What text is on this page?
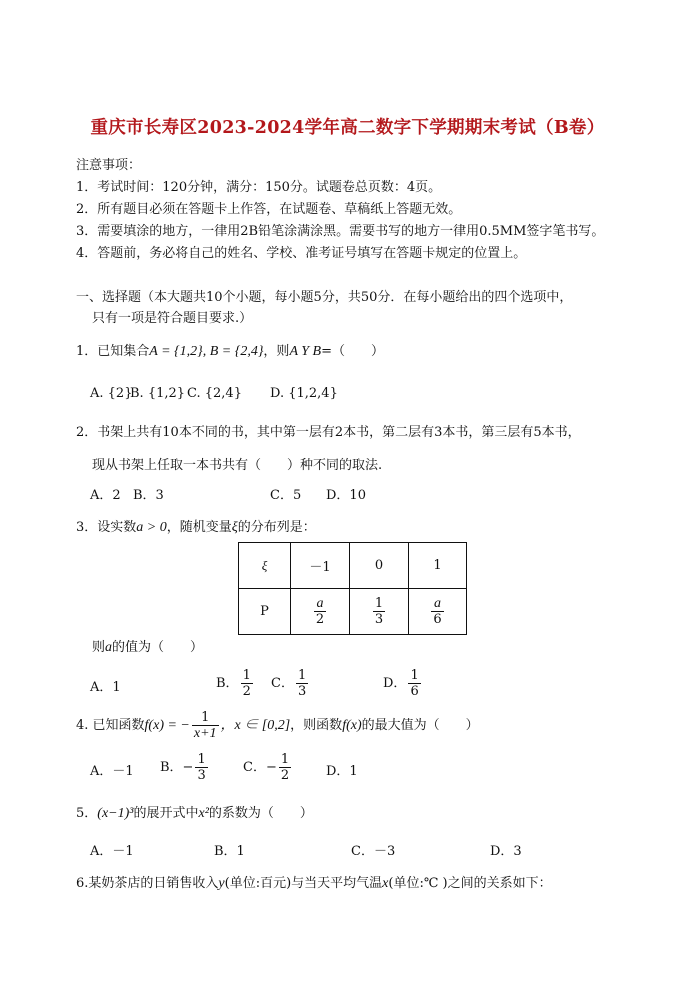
重庆市长寿区2023-2024学年高二数字下学期期末考试（B卷）
注意事项：
1．考试时间：120分钟，满分：150分。试题卷总页数：4页。
2．所有题目必须在答题卡上作答，在试题卷、草稿纸上答题无效。
3．需要填涂的地方，一律用2B铅笔涂满涂黑。需要书写的地方一律用0.5MM签字笔书写。
4．答题前，务必将自己的姓名、学校、准考证号填写在答题卡规定的位置上。
一、选择题（本大题共10个小题，每小题5分，共50分．在每小题给出的四个选项中，
只有一项是符合题目要求.）
1．已知集合A = {1,2}, B = {2,4}，则A Y B=（　　）
A. {2}
B. {1,2} C. {2,4} D. {1,2,4}
2．书架上共有10本不同的书，其中第一层有2本书，第二层有3本书，第三层有5本书，
现从书架上任取一本书共有（　　）种不同的取法.
A．2 B．3	C．5 D．10
3．设实数a > 0，随机变量ξ的分布列是：
ξ	－1	0	1
P	$\frac{a}{2}$	$\frac{1}{3}$	$\frac{a}{6}$
则a的值为（　　）
A．1	B． $\frac{1}{2}$ C． $\frac{1}{3}$	D． $\frac{1}{6}$
4. 已知函数f(x) = − $\frac{1}{x+1}$ ，x ∈ [0,2]，则函数f(x)的最大值为（　　）
A．－1 B．− $\frac{1}{3}$	C．− $\frac{1}{2}$	D．1
5．(x−1)³的展开式中x²的系数为（　　）
A．－1	B．1	C．－3	D．3
6.某奶茶店的日销售收入y(单位:百元)与当天平均气温x(单位:℃ )之间的关系如下：
